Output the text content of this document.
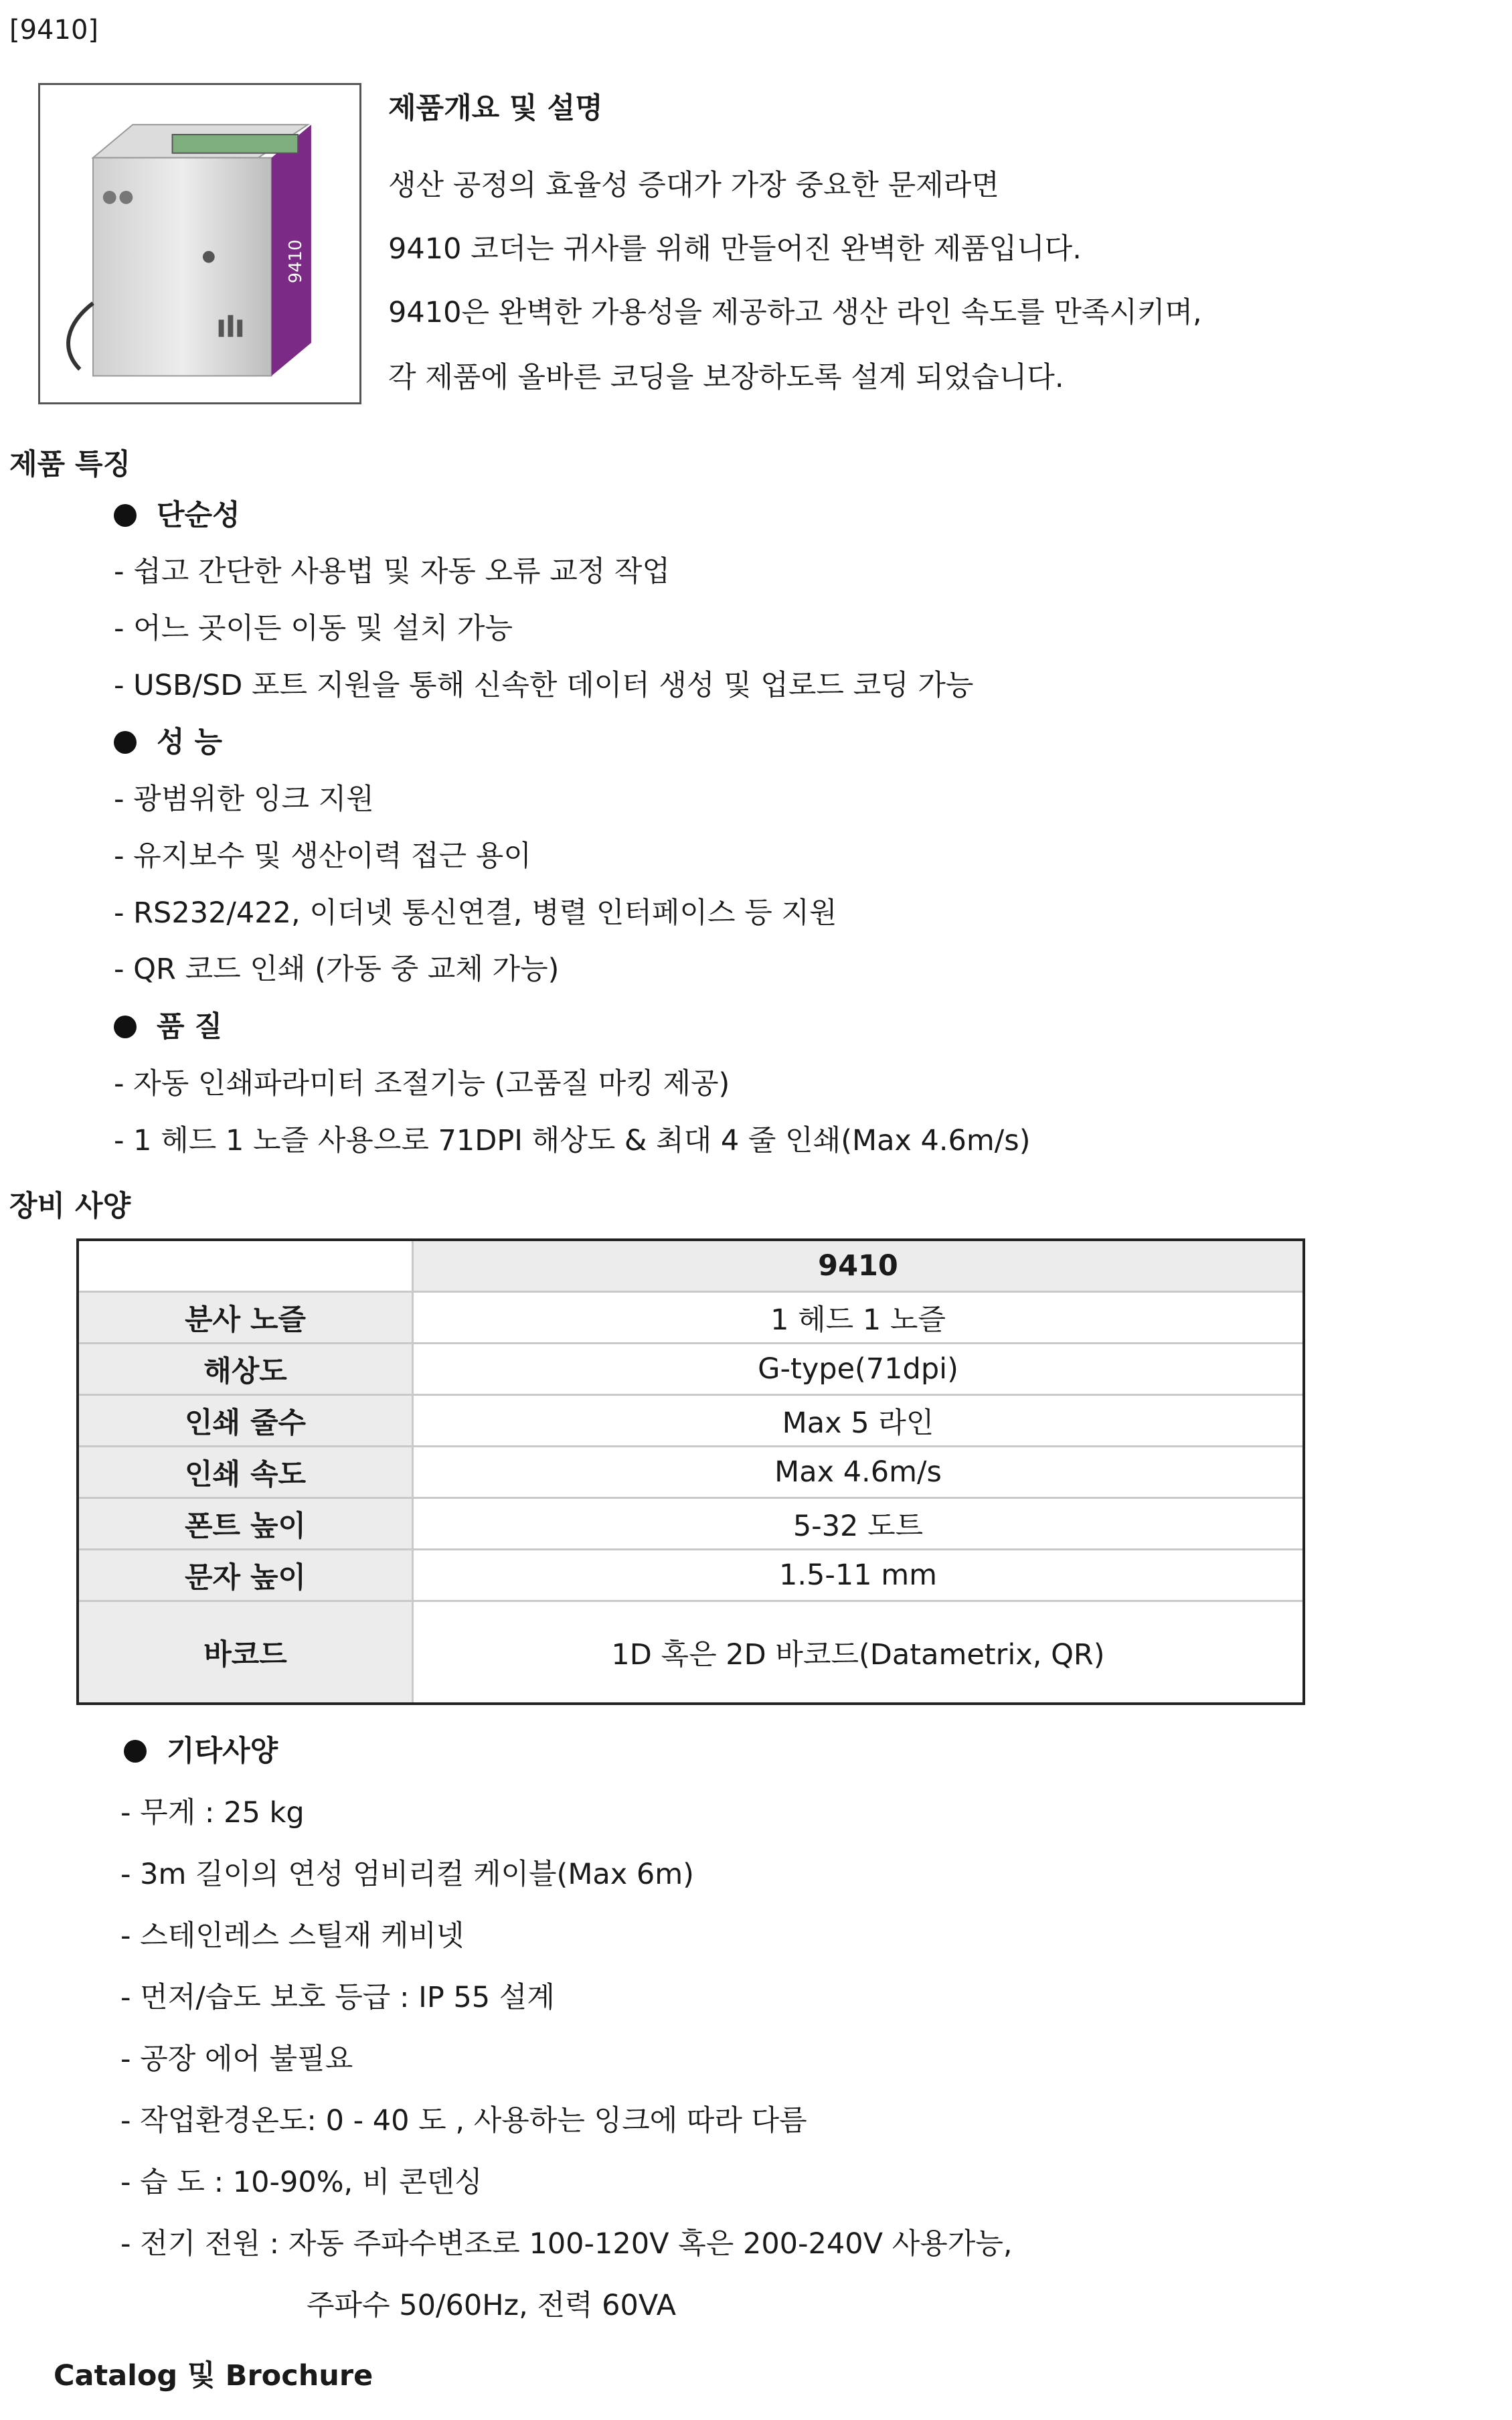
[9410]
9410
제품개요 및 설명
생산 공정의 효율성 증대가 가장 중요한 문제라면
9410 코더는 귀사를 위해 만들어진 완벽한 제품입니다.
9410은 완벽한 가용성을 제공하고 생산 라인 속도를 만족시키며,
각 제품에 올바른 코딩을 보장하도록 설계 되었습니다.
제품 특징
단순성
- 쉽고 간단한 사용법 및 자동 오류 교정 작업
- 어느 곳이든 이동 및 설치 가능
- USB/SD 포트 지원을 통해 신속한 데이터 생성 및 업로드 코딩 가능
성 능
- 광범위한 잉크 지원
- 유지보수 및 생산이력 접근 용이
- RS232/422, 이더넷 통신연결, 병렬 인터페이스 등 지원
- QR 코드 인쇄 (가동 중 교체 가능)
품 질
- 자동 인쇄파라미터 조절기능 (고품질 마킹 제공)
- 1 헤드 1 노즐 사용으로 71DPI 해상도 & 최대 4 줄 인쇄(Max 4.6m/s)
장비 사양
	9410
분사 노즐	1 헤드 1 노즐
해상도	G-type(71dpi)
인쇄 줄수	Max 5 라인
인쇄 속도	Max 4.6m/s
폰트 높이	5-32 도트
문자 높이	1.5-11 mm
바코드	1D 혹은 2D 바코드(Datametrix, QR)
기타사양
- 무게 : 25 kg
- 3m 길이의 연성 엄비리컬 케이블(Max 6m)
- 스테인레스 스틸재 케비넷
- 먼저/습도 보호 등급 : IP 55 설계
- 공장 에어 불필요
- 작업환경온도: 0 - 40 도 , 사용하는 잉크에 따라 다름
- 습 도 : 10-90%, 비 콘덴싱
- 전기 전원 : 자동 주파수변조로 100-120V 혹은 200-240V 사용가능,
주파수 50/60Hz, 전력 60VA
Catalog 및 Brochure
